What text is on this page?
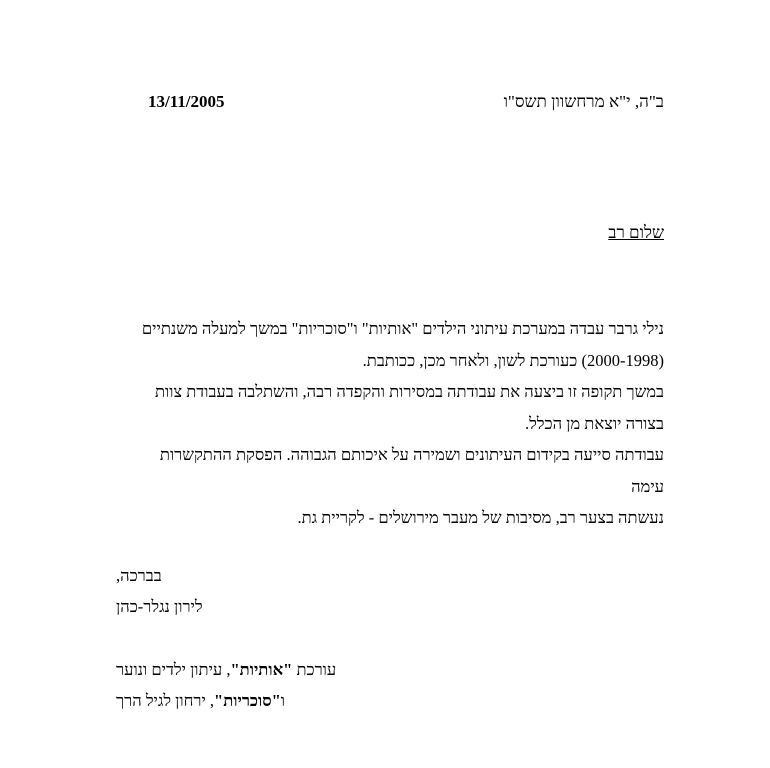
ב"ה, י"א מרחשוון תשס"ו
13/11/2005
שלום רב

נילי גרבר עבדה במערכת עיתוני הילדים "אותיות" ו"סוכריות" במשך למעלה משנתיים

(2000-1998) כעורכת לשון, ולאחר מכן, ככותבת.

במשך תקופה זו ביצעה את עבודתה במסירות והקפדה רבה, והשתלבה בעבודת צוות

בצורה יוצאת מן הכלל.

עבודתה סייעה בקידום העיתונים ושמירה על איכותם הגבוהה. הפסקת ההתקשרות עימה

נעשתה בצער רב, מסיבות של מעבר מירושלים - לקריית גת.

בברכה,
לירון נגלר-כהן
עורכת "אותיות", עיתון ילדים ונוער
ו"סוכריות", ירחון לגיל הרך
